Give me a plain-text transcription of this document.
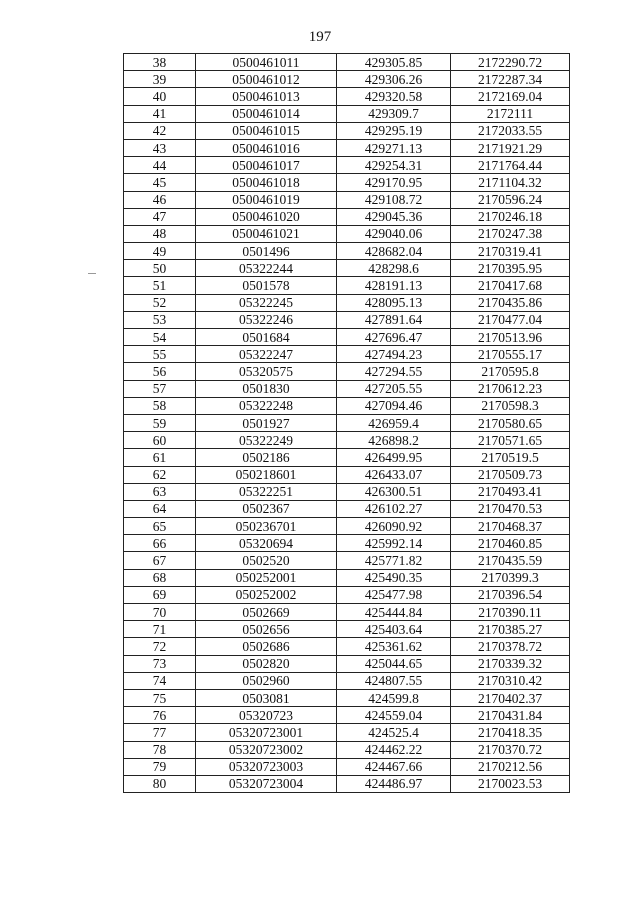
197
38	0500461011	429305.85	2172290.72
39	0500461012	429306.26	2172287.34
40	0500461013	429320.58	2172169.04
41	0500461014	429309.7	2172111
42	0500461015	429295.19	2172033.55
43	0500461016	429271.13	2171921.29
44	0500461017	429254.31	2171764.44
45	0500461018	429170.95	2171104.32
46	0500461019	429108.72	2170596.24
47	0500461020	429045.36	2170246.18
48	0500461021	429040.06	2170247.38
49	0501496	428682.04	2170319.41
50	05322244	428298.6	2170395.95
51	0501578	428191.13	2170417.68
52	05322245	428095.13	2170435.86
53	05322246	427891.64	2170477.04
54	0501684	427696.47	2170513.96
55	05322247	427494.23	2170555.17
56	05320575	427294.55	2170595.8
57	0501830	427205.55	2170612.23
58	05322248	427094.46	2170598.3
59	0501927	426959.4	2170580.65
60	05322249	426898.2	2170571.65
61	0502186	426499.95	2170519.5
62	050218601	426433.07	2170509.73
63	05322251	426300.51	2170493.41
64	0502367	426102.27	2170470.53
65	050236701	426090.92	2170468.37
66	05320694	425992.14	2170460.85
67	0502520	425771.82	2170435.59
68	050252001	425490.35	2170399.3
69	050252002	425477.98	2170396.54
70	0502669	425444.84	2170390.11
71	0502656	425403.64	2170385.27
72	0502686	425361.62	2170378.72
73	0502820	425044.65	2170339.32
74	0502960	424807.55	2170310.42
75	0503081	424599.8	2170402.37
76	05320723	424559.04	2170431.84
77	05320723001	424525.4	2170418.35
78	05320723002	424462.22	2170370.72
79	05320723003	424467.66	2170212.56
80	05320723004	424486.97	2170023.53
